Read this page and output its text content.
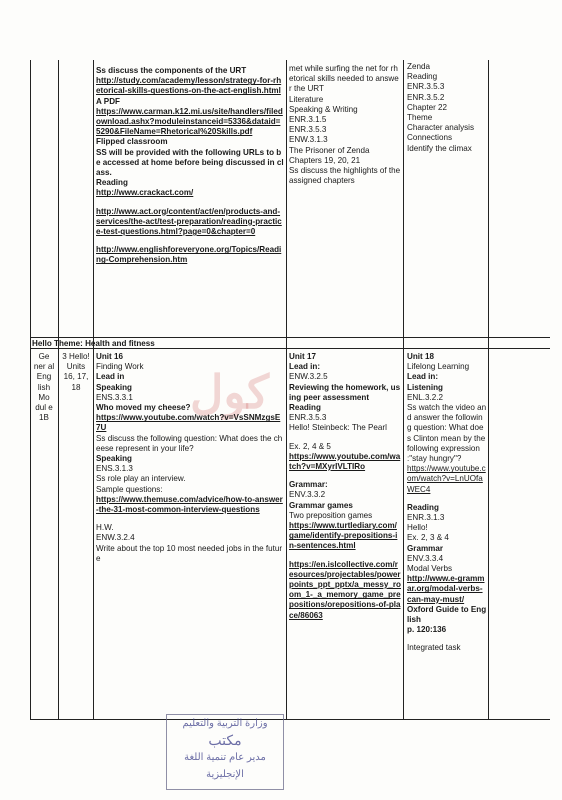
كول
Ss discuss the components of the URT
http://study.com/academy/lesson/strategy-for-rhetorical-skills-questions-on-the-act-english.html
A PDF
https://www.carman.k12.mi.us/site/handlers/filedownload.ashx?moduleinstanceid=5336&dataid=5290&FileName=Rhetorical%20Skills.pdf
Flipped classroom
SS will be provided with the following URLs to be accessed at home before being discussed in class.
Reading
http://www.crackact.com/
http://www.act.org/content/act/en/products-and-services/the-act/test-preparation/reading-practice-test-questions.html?page=0&chapter=0
http://www.englishforeveryone.org/Topics/Reading-Comprehension.htm
met while surfing the net for rhetorical skills needed to answer the URT
Literature
Speaking & Writing
ENR.3.1.5
ENR.3.5.3
ENW.3.1.3
The Prisoner of Zenda
Chapters 19, 20, 21
Ss discuss the highlights of the assigned chapters
Zenda
Reading
ENR.3.5.3
ENR.3.5.2
Chapter 22
Theme
Character analysis
Connections
Identify the climax
Hello Theme: Health and fitness
Ge ner al Eng lish Mo dul e 1B
3 Hello! Units 16, 17, 18
Unit 16
Finding Work
Lead in
Speaking
ENS.3.3.1
Who moved my cheese?
https://www.youtube.com/watch?v=VsSNMzgsE7U
Ss discuss the following question: What does the cheese represent in your life?
Speaking
ENS.3.1.3
Ss role play an interview.
Sample questions:
https://www.themuse.com/advice/how-to-answer-the-31-most-common-interview-questions
H.W.
ENW.3.2.4
Write about the top 10 most needed jobs in the future
Unit 17
Lead in:
ENW.3.2.5
Reviewing the homework, using peer assessment
Reading
ENR.3.5.3
Hello! Steinbeck: The Pearl
Ex. 2, 4 & 5
https://www.youtube.com/watch?v=MXyrIVLTIRo
Grammar:
ENV.3.3.2
Grammar games
Two preposition games
https://www.turtlediary.com/game/identify-prepositions-in-sentences.html
https://en.islcollective.com/resources/projectables/powerpoints_ppt_pptx/a_messy_room_1-_a_memory_game_prepositions/orepositions-of-place/86063
Unit 18
Lifelong Learning
Lead in:
Listening
ENL.3.2.2
Ss watch the video and answer the following question: What does Clinton mean by the following expression :"stay hungry"?
https://www.youtube.com/watch?v=LnUOfaWEC4
Reading
ENR.3.1.3
Hello!
Ex. 2, 3 & 4
Grammar
ENV.3.3.4
Modal Verbs
http://www.e-grammar.org/modal-verbs-can-may-must/
Oxford Guide to English
p. 120:136
Integrated task
وزارة التربية والتعليم
مكتب
مدير عام تنمية اللغة الإنجليزية
